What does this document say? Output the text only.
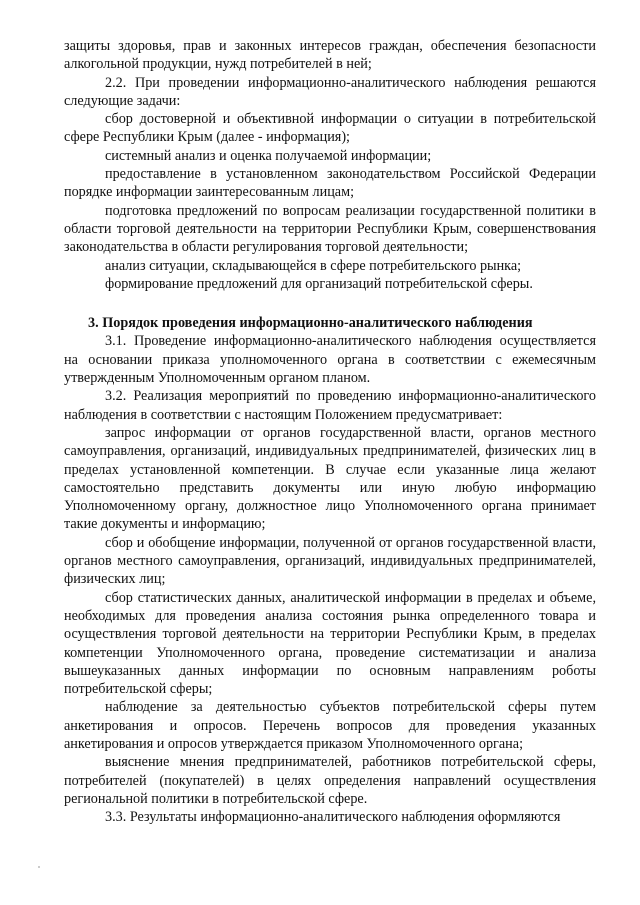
защиты здоровья, прав и законных интересов граждан, обеспечения безопасности алкогольной продукции, нужд потребителей в ней;

2.2. При проведении информационно-аналитического наблюдения решаются следующие задачи:

сбор достоверной и объективной информации о ситуации в потребительской сфере Республики Крым (далее - информация);

системный анализ и оценка получаемой информации;

предоставление в установленном законодательством Российской Федерации порядке информации заинтересованным лицам;

подготовка предложений по вопросам реализации государственной политики в области торговой деятельности на территории Республики Крым, совершенствования законодательства в области регулирования торговой деятельности;

анализ ситуации, складывающейся в сфере потребительского рынка;

формирование предложений для организаций потребительской сферы.

3. Порядок проведения информационно-аналитического наблюдения

3.1. Проведение информационно-аналитического наблюдения осуществляется на основании приказа уполномоченного органа в соответствии с ежемесячным утвержденным Уполномоченным органом планом.

3.2. Реализация мероприятий по проведению информационно-аналитического наблюдения в соответствии с настоящим Положением предусматривает:

запрос информации от органов государственной власти, органов местного самоуправления, организаций, индивидуальных предпринимателей, физических лиц в пределах установленной компетенции. В случае если указанные лица желают самостоятельно представить документы или иную любую информацию Уполномоченному органу, должностное лицо Уполномоченного органа принимает такие документы и информацию;

сбор и обобщение информации, полученной от органов государственной власти, органов местного самоуправления, организаций, индивидуальных предпринимателей, физических лиц;

сбор статистических данных, аналитической информации в пределах и объеме, необходимых для проведения анализа состояния рынка определенного товара и осуществления торговой деятельности на территории Республики Крым, в пределах компетенции Уполномоченного органа, проведение систематизации и анализа вышеуказанных данных информации по основным направлениям роботы потребительской сферы;

наблюдение за деятельностью субъектов потребительской сферы путем анкетирования и опросов. Перечень вопросов для проведения указанных анкетирования и опросов утверждается приказом Уполномоченного органа;

выяснение мнения предпринимателей, работников потребительской сферы, потребителей (покупателей) в целях определения направлений осуществления региональной политики в потребительской сфере.

3.3. Результаты информационно-аналитического наблюдения оформляются
